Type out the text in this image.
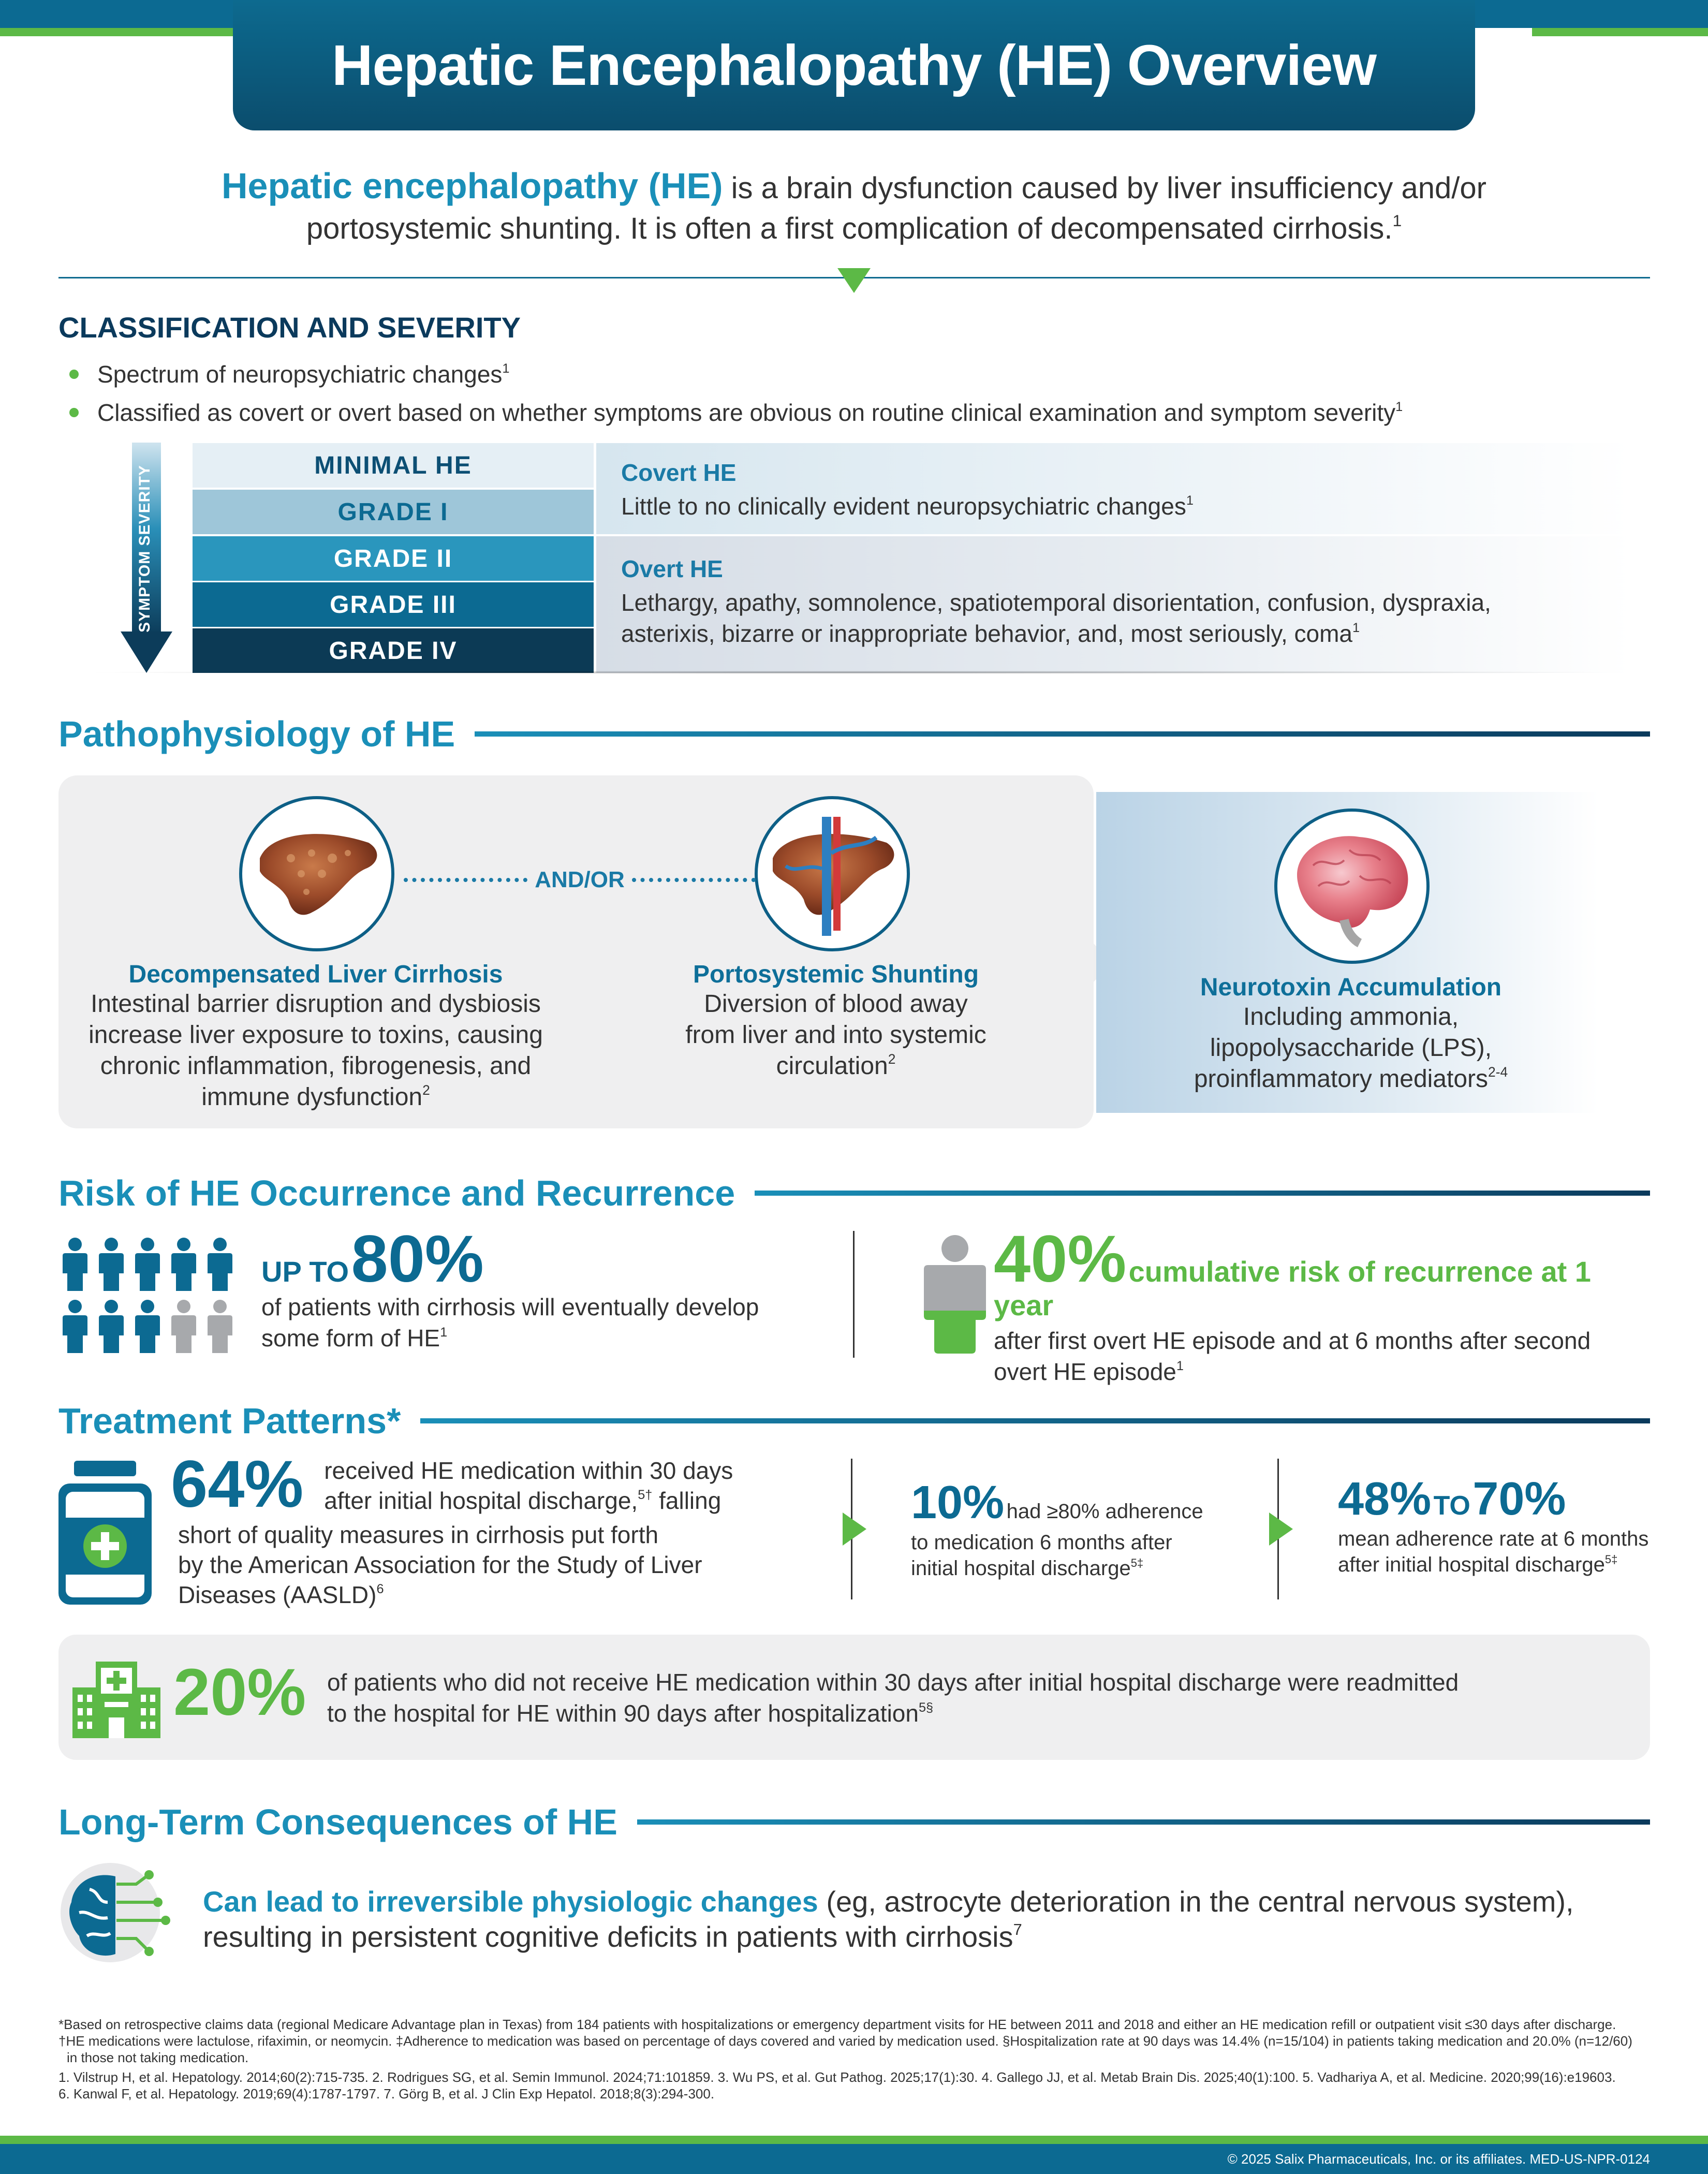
Hepatic Encephalopathy (HE) Overview
Hepatic encephalopathy (HE) is a brain dysfunction caused by liver insufficiency and/or
portosystemic shunting. It is often a first complication of decompensated cirrhosis.$^1$
CLASSIFICATION AND SEVERITY
Spectrum of neuropsychiatric changes$^1$
Classified as covert or overt based on whether symptoms are obvious on routine clinical examination and symptom severity$^1$
SYMPTOM SEVERITY	MINIMAL HE
GRADE I
GRADE II
GRADE III
GRADE IV
Covert HE
Little to no clinically evident neuropsychiatric changes$^1$
Overt HE
Lethargy, apathy, somnolence, spatiotemporal disorientation, confusion, dyspraxia,
asterixis, bizarre or inappropriate behavior, and, most seriously, coma$^1$
Pathophysiology of HE
AND/OR
Decompensated Liver Cirrhosis
Intestinal barrier disruption and dysbiosis
increase liver exposure to toxins, causing
chronic inflammation, fibrogenesis, and
immune dysfunction$^2$
Portosystemic Shunting
Diversion of blood away
from liver and into systemic
circulation$^2$
Neurotoxin Accumulation
Including ammonia,
lipopolysaccharide (LPS),
proinflammatory mediators$^{2-4}$
Risk of HE Occurrence and Recurrence
UP TO 80%
of patients with cirrhosis will eventually develop
some form of $HE^1$
40% cumulative risk of recurrence at 1 year
after first overt HE episode and at 6 months after second
overt HE episode$^1$
Treatment Patterns*
64% received HE medication within 30 days
after initial hospital discharge,$^{5\dagger}$ falling
short of quality measures in cirrhosis put forth
by the American Association for the Study of Liver
Diseases (AASLD)$^6$
10% had ≥80% adherence
to medication 6 months after
initial hospital discharge$^{5\ddagger}$
48% TO 70%
mean adherence rate at 6 months
after initial hospital discharge$^{5\ddagger}$
20% of patients who did not receive HE medication within 30 days after initial hospital discharge were readmitted
to the hospital for HE within 90 days after hospitalization$^{5\S}$
Long-Term Consequences of HE
Can lead to irreversible physiologic changes (eg, astrocyte deterioration in the central nervous system),
resulting in persistent cognitive deficits in patients with cirrhosis$^7$
*Based on retrospective claims data (regional Medicare Advantage plan in Texas) from 184 patients with hospitalizations or emergency department visits for HE between 2011 and 2018 and either an HE medication refill or outpatient visit ≤30 days after discharge.
†HE medications were lactulose, rifaximin, or neomycin. ‡Adherence to medication was based on percentage of days covered and varied by medication used. §Hospitalization rate at 90 days was 14.4% (n=15/104) in patients taking medication and 20.0% (n=12/60)
in those not taking medication.
1. Vilstrup H, et al. Hepatology. 2014;60(2):715-735. 2. Rodrigues SG, et al. Semin Immunol. 2024;71:101859. 3. Wu PS, et al. Gut Pathog. 2025;17(1):30. 4. Gallego JJ, et al. Metab Brain Dis. 2025;40(1):100. 5. Vadhariya A, et al. Medicine. 2020;99(16):e19603.
6. Kanwal F, et al. Hepatology. 2019;69(4):1787-1797. 7. Görg B, et al. J Clin Exp Hepatol. 2018;8(3):294-300.
© 2025 Salix Pharmaceuticals, Inc. or its affiliates. MED-US-NPR-0124
